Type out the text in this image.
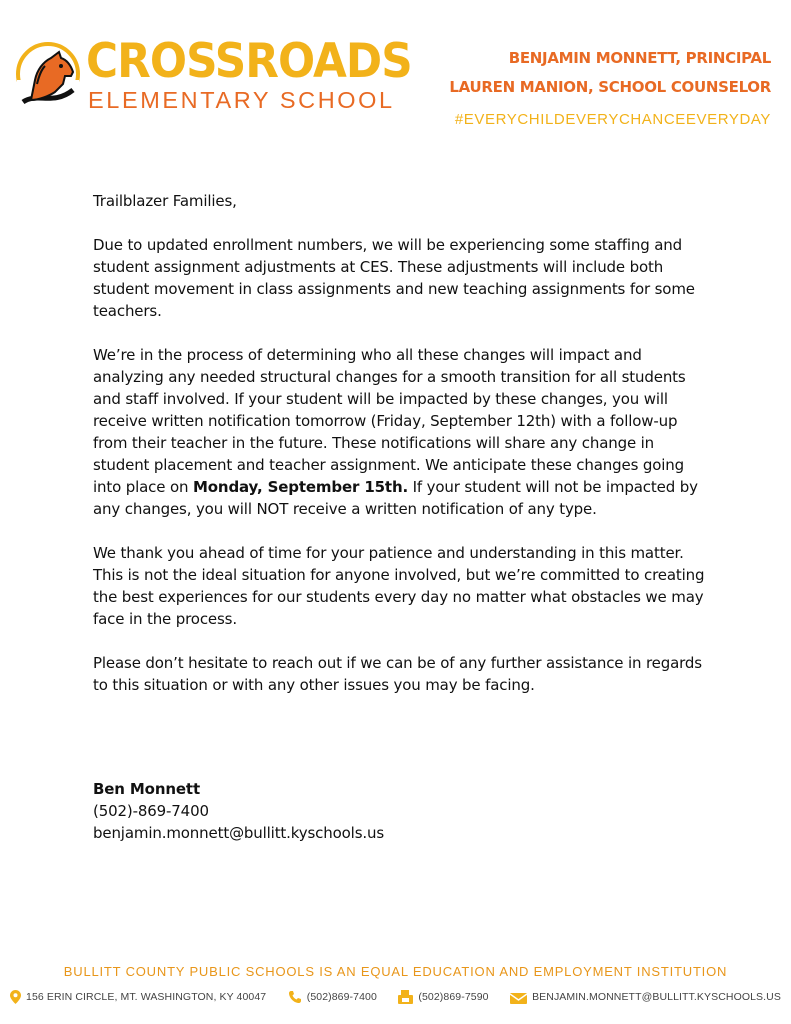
CROSSROADS
ELEMENTARY SCHOOL
BENJAMIN MONNETT, PRINCIPAL
LAUREN MANION, SCHOOL COUNSELOR
#EVERYCHILDEVERYCHANCEEVERYDAY

Trailblazer Families,

Due to updated enrollment numbers, we will be experiencing some staffing and student assignment adjustments at CES. These adjustments will include both student movement in class assignments and new teaching assignments for some teachers.

We’re in the process of determining who all these changes will impact and analyzing any needed structural changes for a smooth transition for all students and staff involved. If your student will be impacted by these changes, you will receive written notification tomorrow (Friday, September 12th) with a follow-up from their teacher in the future. These notifications will share any change in student placement and teacher assignment. We anticipate these changes going into place on Monday, September 15th. If your student will not be impacted by any changes, you will NOT receive a written notification of any type.

We thank you ahead of time for your patience and understanding in this matter. This is not the ideal situation for anyone involved, but we’re committed to creating the best experiences for our students every day no matter what obstacles we may face in the process.

Please don’t hesitate to reach out if we can be of any further assistance in regards to this situation or with any other issues you may be facing.

Ben Monnett
(502)-869-7400
benjamin.monnett@bullitt.kyschools.us
BULLITT COUNTY PUBLIC SCHOOLS IS AN EQUAL EDUCATION AND EMPLOYMENT INSTITUTION
156 ERIN CIRCLE, MT. WASHINGTON, KY 40047	(502)869-7400	(502)869-7590	BENJAMIN.MONNETT@BULLITT.KYSCHOOLS.US
